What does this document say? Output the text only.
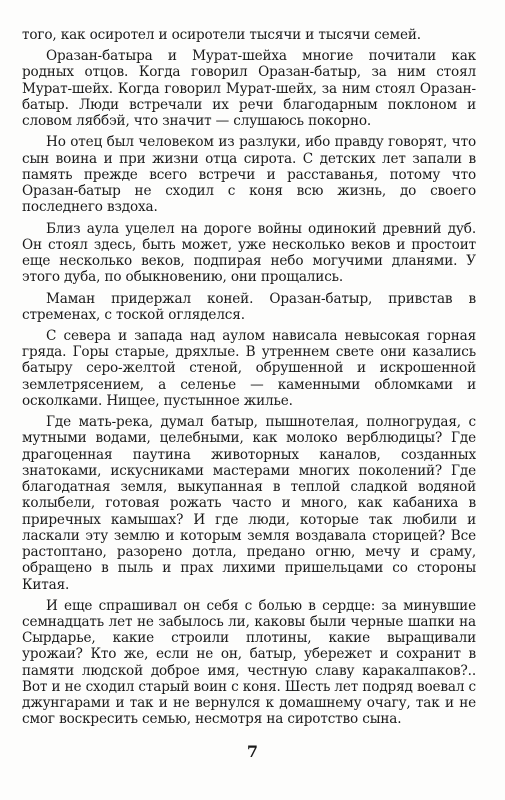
того, как осиротел и осиротели тысячи и тысячи семей.

Оразан-батыра и Мурат-шейха многие почитали как родных отцов. Когда говорил Оразан-батыр, за ним стоял Мурат-шейх. Когда говорил Мурат-шейх, за ним стоял Оразан-батыр. Люди встречали их речи благодарным поклоном и словом ляббэй, что значит — слушаюсь покорно.

Но отец был человеком из разлуки, ибо правду говорят, что сын воина и при жизни отца сирота. С детских лет запали в память прежде всего встречи и расставанья, потому что Оразан-батыр не сходил с коня всю жизнь, до своего последнего вздоха.

Близ аула уцелел на дороге войны одинокий древний дуб. Он стоял здесь, быть может, уже несколько веков и простоит еще несколько веков, подпирая небо могучими дланями. У этого дуба, по обыкновению, они прощались.

Маман придержал коней. Оразан-батыр, привстав в стременах, с тоской огляделся.

С севера и запада над аулом нависала невысокая горная гряда. Горы старые, дряхлые. В утреннем свете они казались батыру серо-желтой стеной, обрушенной и искрошенной землетрясением, а селенье — каменными обломками и осколками. Нищее, пустынное жилье.

Где мать-река, думал батыр, пышнотелая, полногрудая, с мутными водами, целебными, как молоко верблюдицы? Где драгоценная паутина животорных каналов, созданных знатоками, искусниками мастерами многих поколений? Где благодатная земля, выкупанная в теплой сладкой водяной колыбели, готовая рожать часто и много, как кабаниха в приречных камышах? И где люди, которые так любили и ласкали эту землю и которым земля воздавала сторицей? Все растоптано, разорено дотла, предано огню, мечу и сраму, обращено в пыль и прах лихими пришельцами со стороны Китая.

И еще спрашивал он себя с болью в сердце: за минувшие семнадцать лет не забылось ли, каковы были черные шапки на Сырдарье, какие строили плотины, какие выращивали урожаи? Кто же, если не он, батыр, убережет и сохранит в памяти людской доброе имя, честную славу каракалпаков?.. Вот и не сходил старый воин с коня. Шесть лет подряд воевал с джунгарами и так и не вернулся к домашнему очагу, так и не смог воскресить семью, несмотря на сиротство сына.

7
